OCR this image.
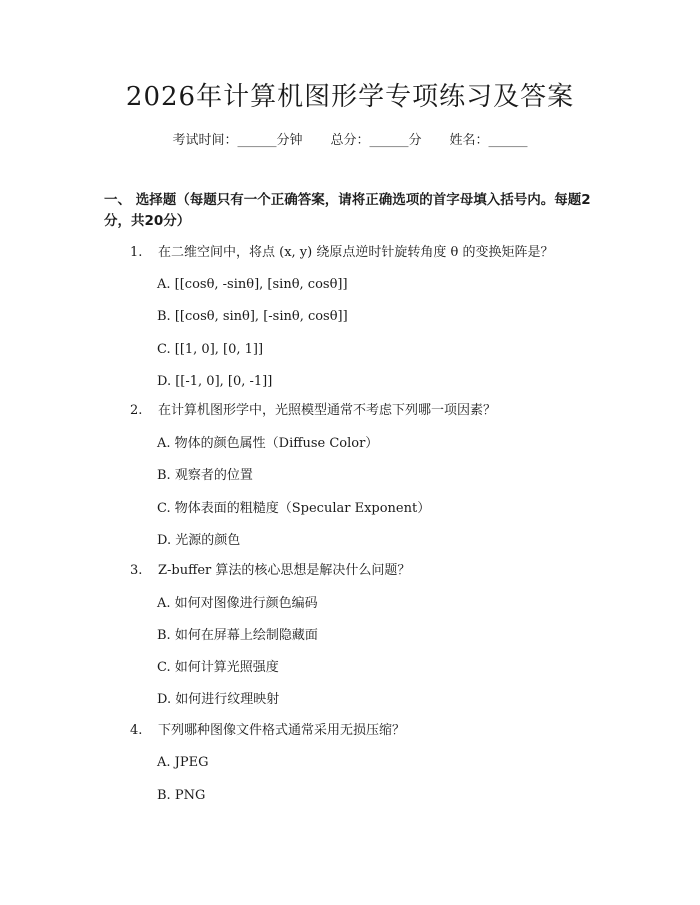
2026年计算机图形学专项练习及答案
考试时间：______分钟 总分：______分 姓名：______
一、 选择题（每题只有一个正确答案，请将正确选项的首字母填入括号内。每题2分，共20分）
1. 在二维空间中，将点 (x, y) 绕原点逆时针旋转角度 θ 的变换矩阵是？
A. [[cosθ, -sinθ], [sinθ, cosθ]]
B. [[cosθ, sinθ], [-sinθ, cosθ]]
C. [[1, 0], [0, 1]]
D. [[-1, 0], [0, -1]]
2. 在计算机图形学中，光照模型通常不考虑下列哪一项因素？
A. 物体的颜色属性（Diffuse Color）
B. 观察者的位置
C. 物体表面的粗糙度（Specular Exponent）
D. 光源的颜色
3. Z-buffer 算法的核心思想是解决什么问题？
A. 如何对图像进行颜色编码
B. 如何在屏幕上绘制隐藏面
C. 如何计算光照强度
D. 如何进行纹理映射
4. 下列哪种图像文件格式通常采用无损压缩？
A. JPEG
B. PNG
